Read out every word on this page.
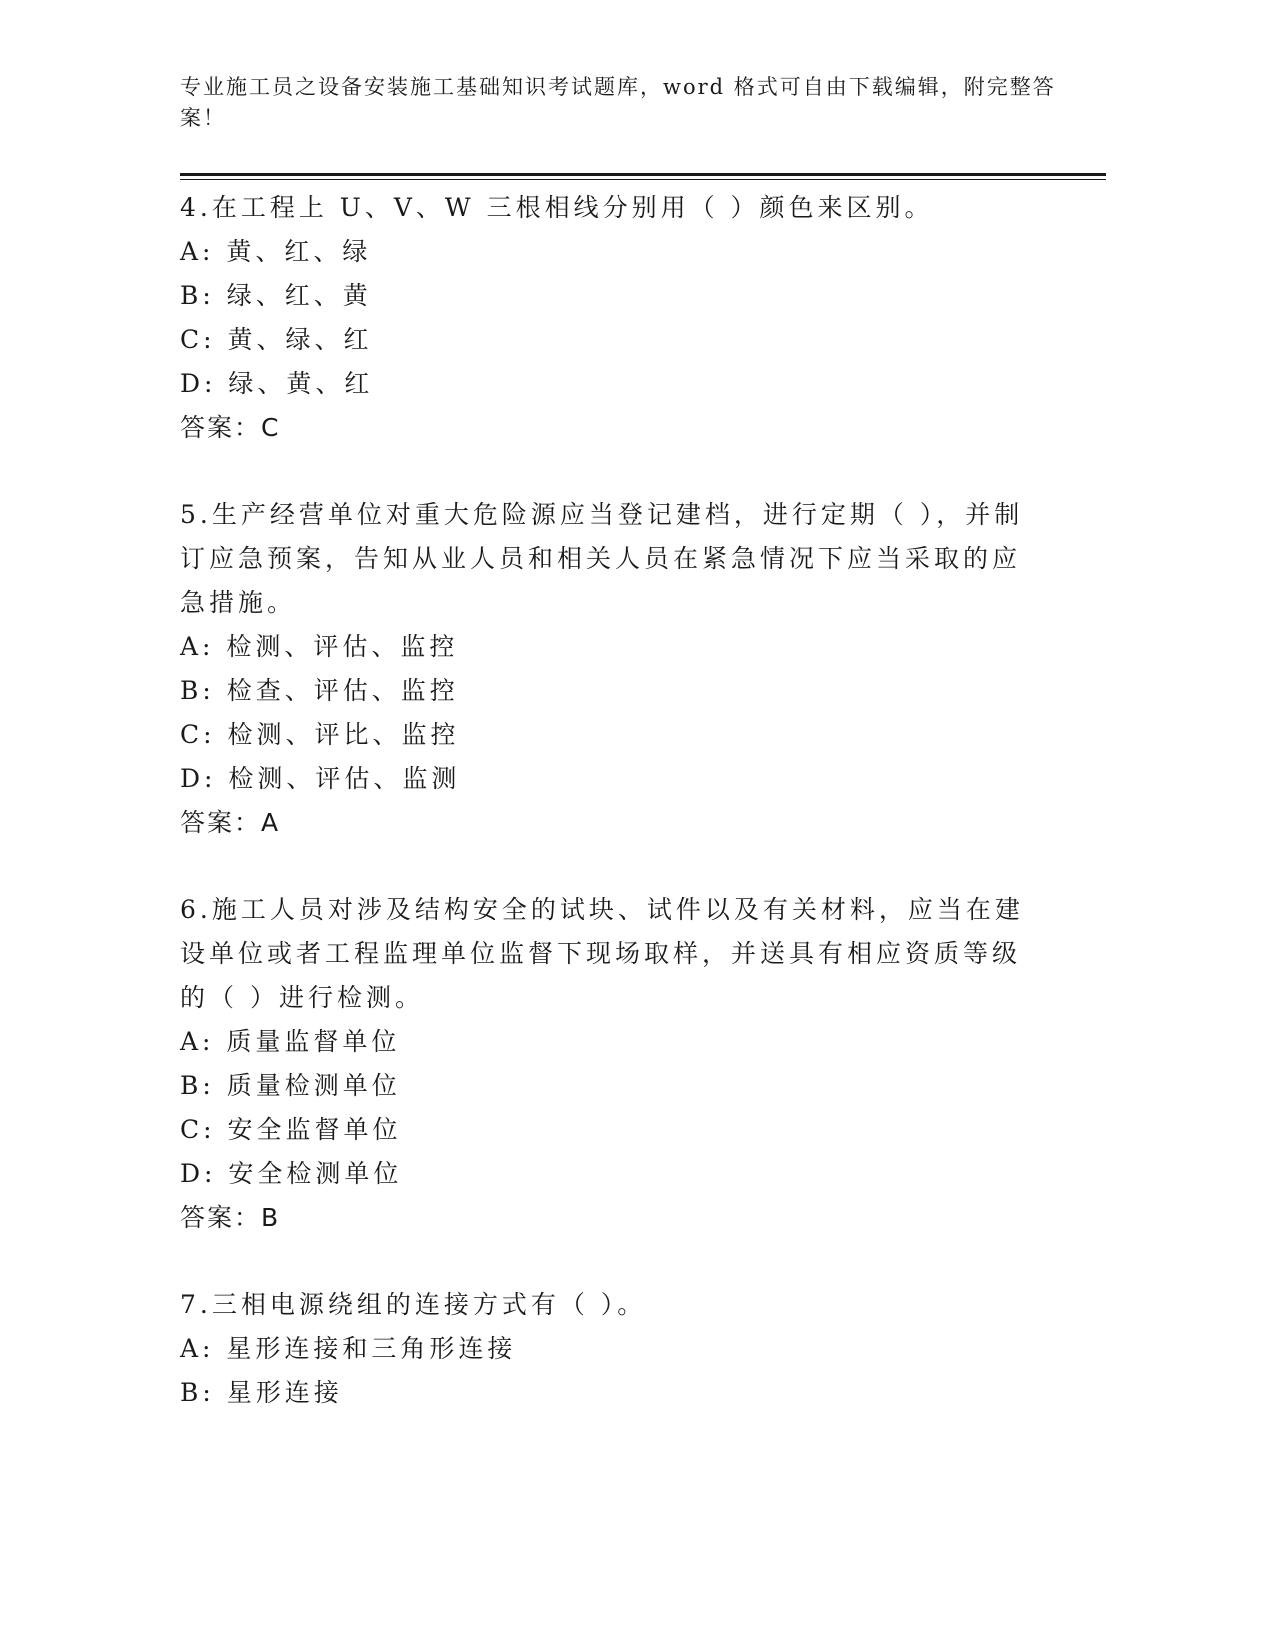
专业施工员之设备安装施工基础知识考试题库，word 格式可自由下载编辑，附完整答案！

4.在工程上 U、V、W 三根相线分别用（ ）颜色来区别。

A: 黄、红、绿

B: 绿、红、黄

C: 黄、绿、红

D: 绿、黄、红

答案：C

5.生产经营单位对重大危险源应当登记建档，进行定期（ ），并制订应急预案，告知从业人员和相关人员在紧急情况下应当采取的应急措施。

A: 检测、评估、监控

B: 检查、评估、监控

C: 检测、评比、监控

D: 检测、评估、监测

答案：A

6.施工人员对涉及结构安全的试块、试件以及有关材料，应当在建设单位或者工程监理单位监督下现场取样，并送具有相应资质等级的（ ）进行检测。

A: 质量监督单位

B: 质量检测单位

C: 安全监督单位

D: 安全检测单位

答案：B

7.三相电源绕组的连接方式有（ ）。

A: 星形连接和三角形连接

B: 星形连接
